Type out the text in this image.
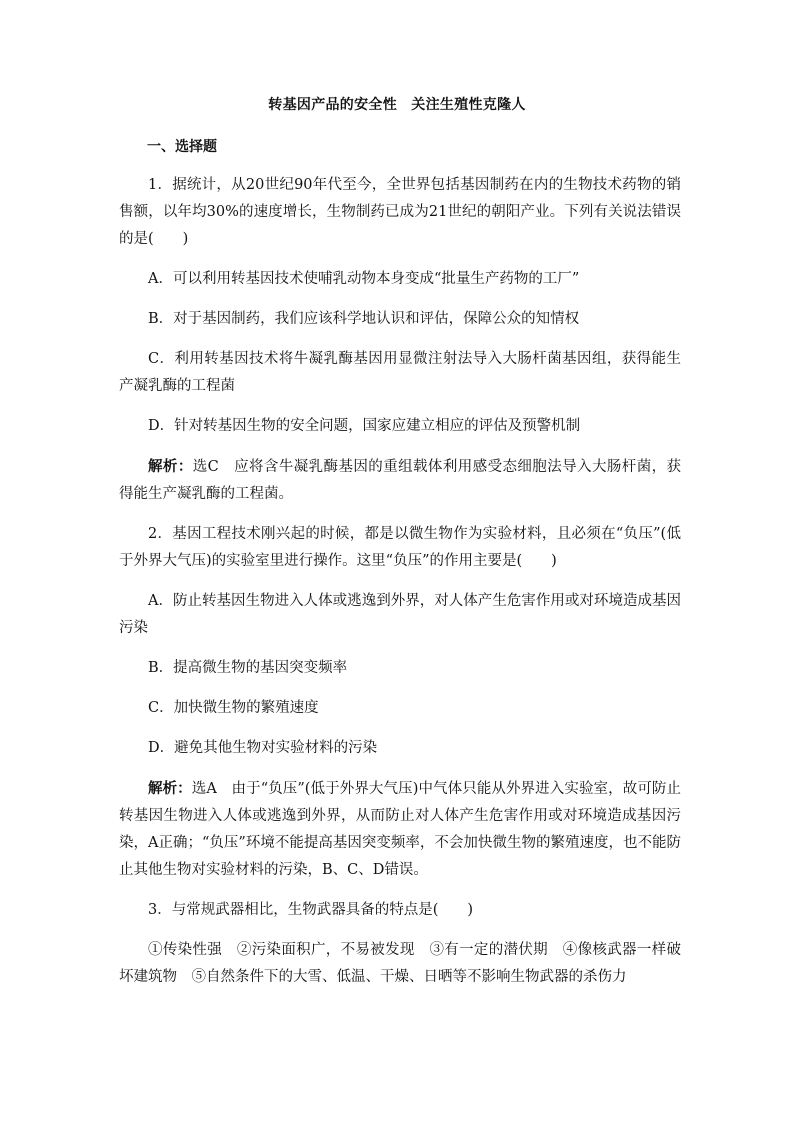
转基因产品的安全性　关注生殖性克隆人
一、选择题

1．据统计，从20世纪90年代至今，全世界包括基因制药在内的生物技术药物的销售额，以年均30%的速度增长，生物制药已成为21世纪的朝阳产业。下列有关说法错误的是(　　)

A．可以利用转基因技术使哺乳动物本身变成“批量生产药物的工厂”

B．对于基因制药，我们应该科学地认识和评估，保障公众的知情权

C．利用转基因技术将牛凝乳酶基因用显微注射法导入大肠杆菌基因组，获得能生产凝乳酶的工程菌

D．针对转基因生物的安全问题，国家应建立相应的评估及预警机制

解析：选C　应将含牛凝乳酶基因的重组载体利用感受态细胞法导入大肠杆菌，获得能生产凝乳酶的工程菌。

2．基因工程技术刚兴起的时候，都是以微生物作为实验材料，且必须在“负压”(低于外界大气压)的实验室里进行操作。这里“负压”的作用主要是(　　)

A．防止转基因生物进入人体或逃逸到外界，对人体产生危害作用或对环境造成基因污染

B．提高微生物的基因突变频率

C．加快微生物的繁殖速度

D．避免其他生物对实验材料的污染

解析：选A　由于“负压”(低于外界大气压)中气体只能从外界进入实验室，故可防止转基因生物进入人体或逃逸到外界，从而防止对人体产生危害作用或对环境造成基因污染，A正确；“负压”环境不能提高基因突变频率，不会加快微生物的繁殖速度，也不能防止其他生物对实验材料的污染，B、C、D错误。

3．与常规武器相比，生物武器具备的特点是(　　)

①传染性强　②污染面积广，不易被发现　③有一定的潜伏期　④像核武器一样破坏建筑物　⑤自然条件下的大雪、低温、干燥、日晒等不影响生物武器的杀伤力
